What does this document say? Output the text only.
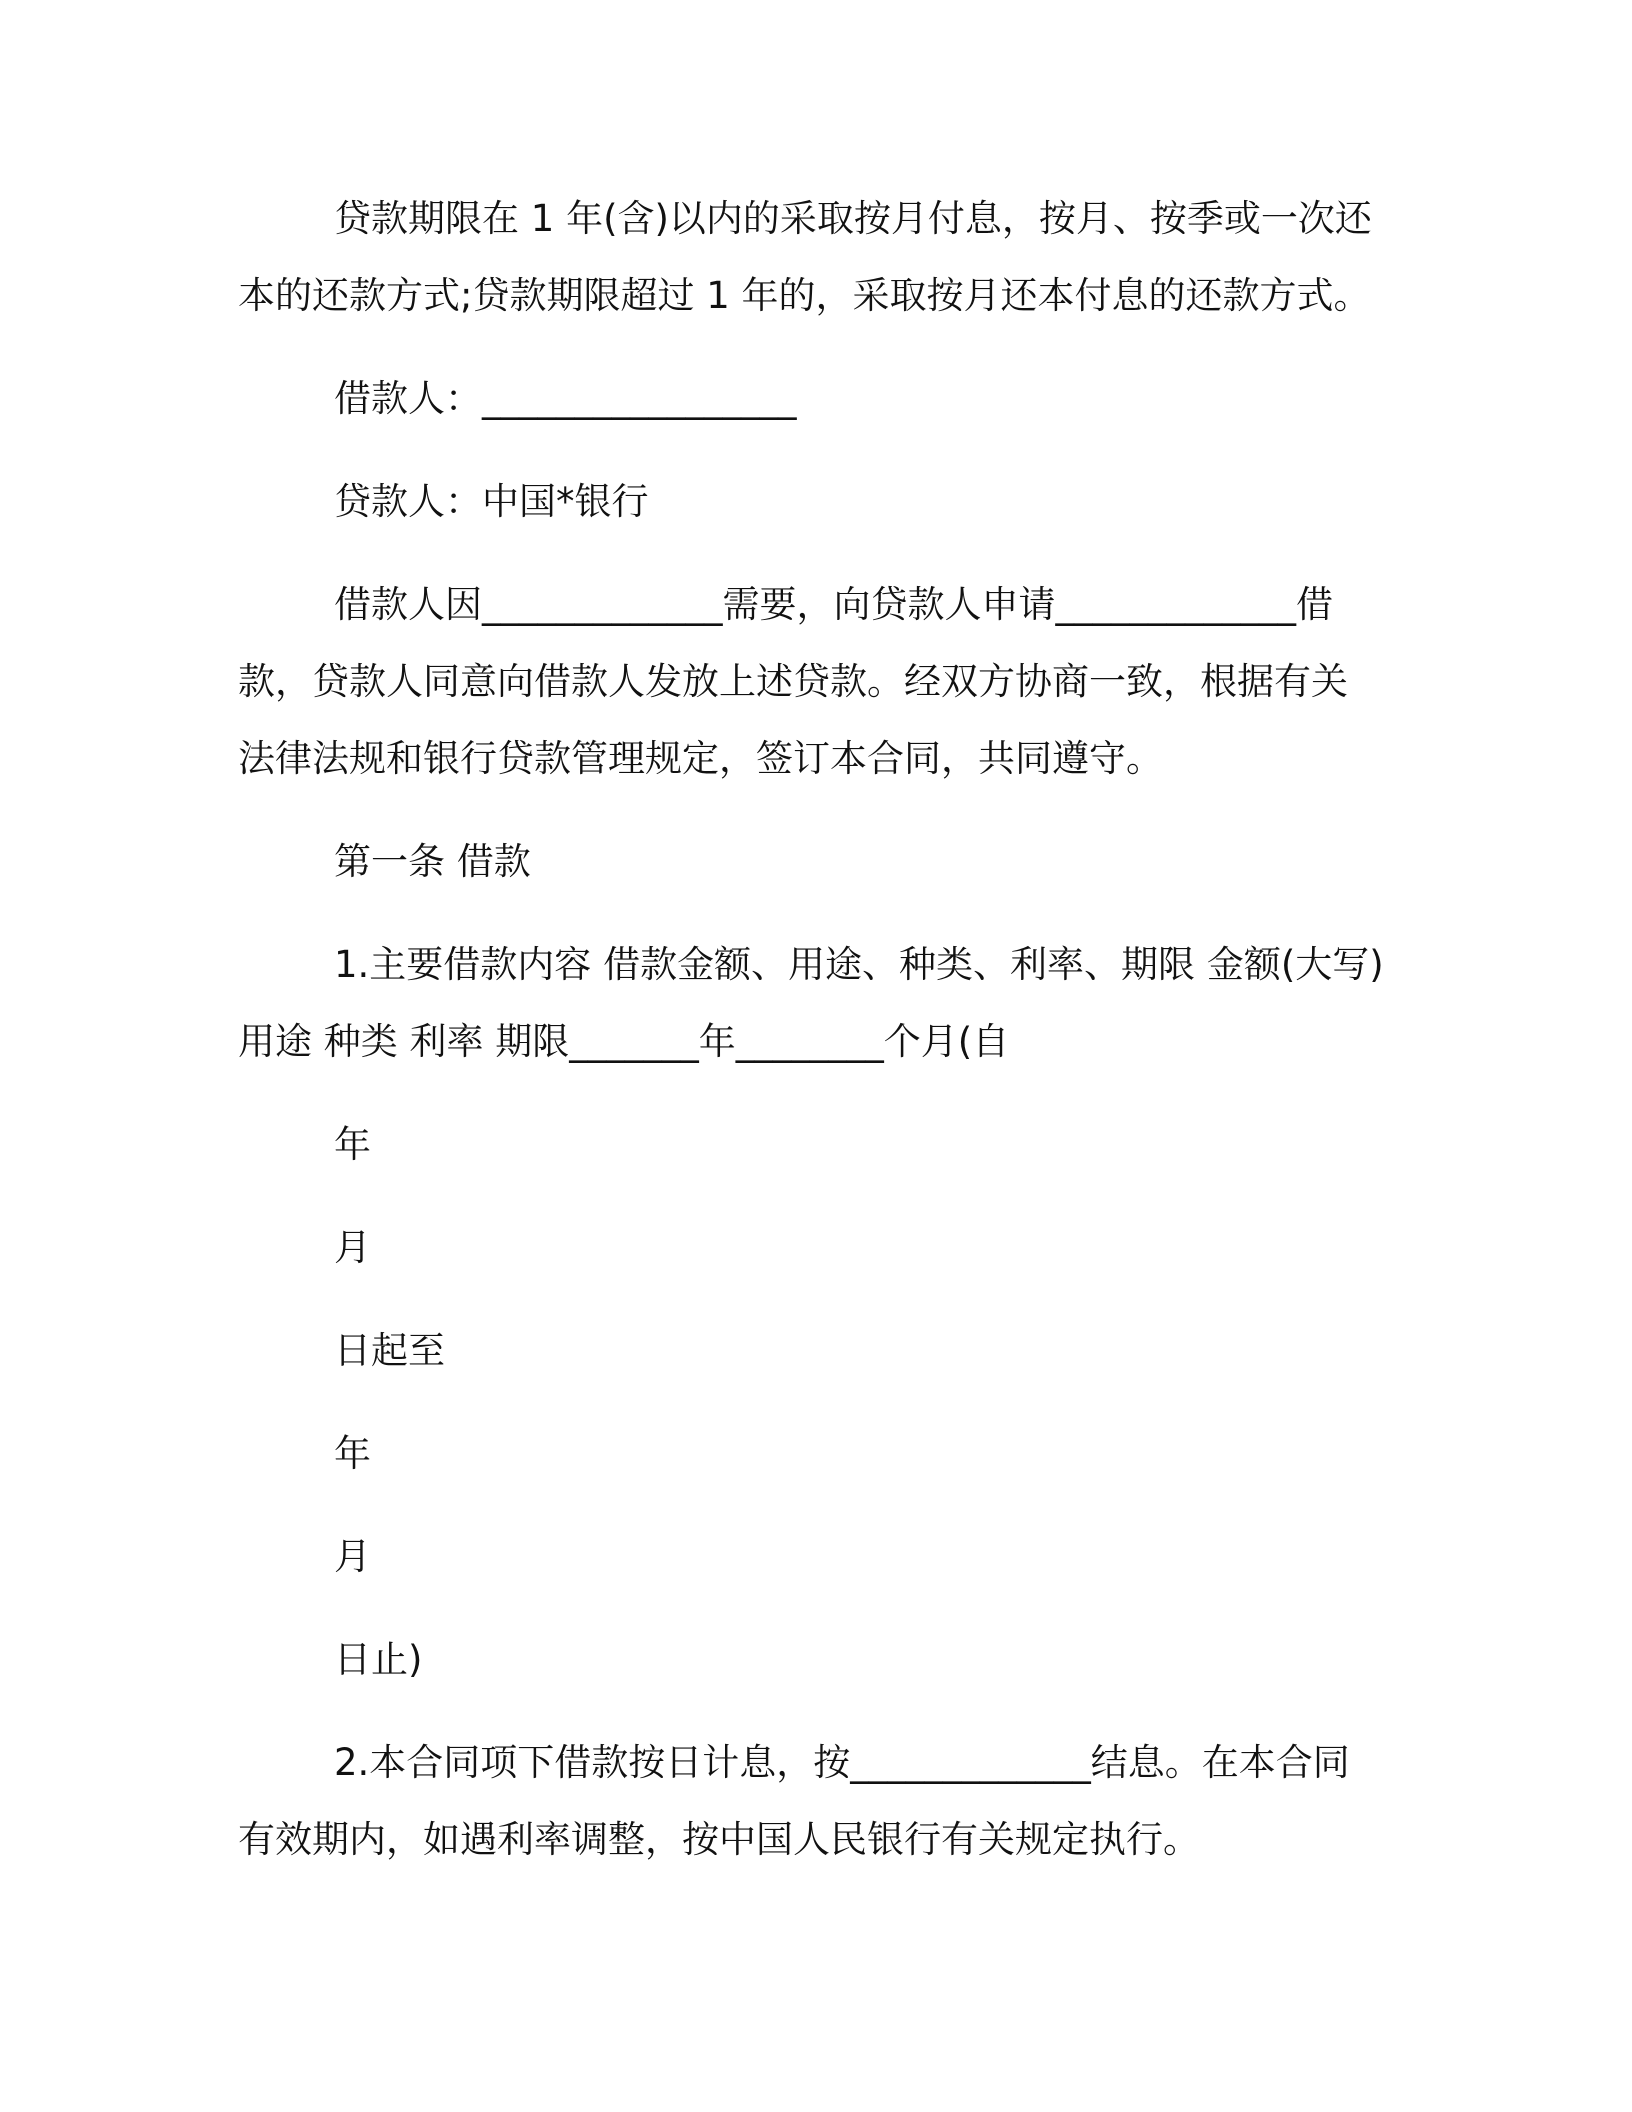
贷款期限在 1 年(含)以内的采取按月付息，按月、按季或一次还
本的还款方式;贷款期限超过 1 年的，采取按月还本付息的还款方式。
借款人：_________________
贷款人：中国*银行
借款人因_____________需要，向贷款人申请_____________借
款，贷款人同意向借款人发放上述贷款。经双方协商一致，根据有关
法律法规和银行贷款管理规定，签订本合同，共同遵守。
第一条 借款
1.主要借款内容 借款金额、用途、种类、利率、期限 金额(大写)
用途 种类 利率 期限_______年________个月(自
年
月
日起至
年
月
日止)
2.本合同项下借款按日计息，按_____________结息。在本合同
有效期内，如遇利率调整，按中国人民银行有关规定执行。
